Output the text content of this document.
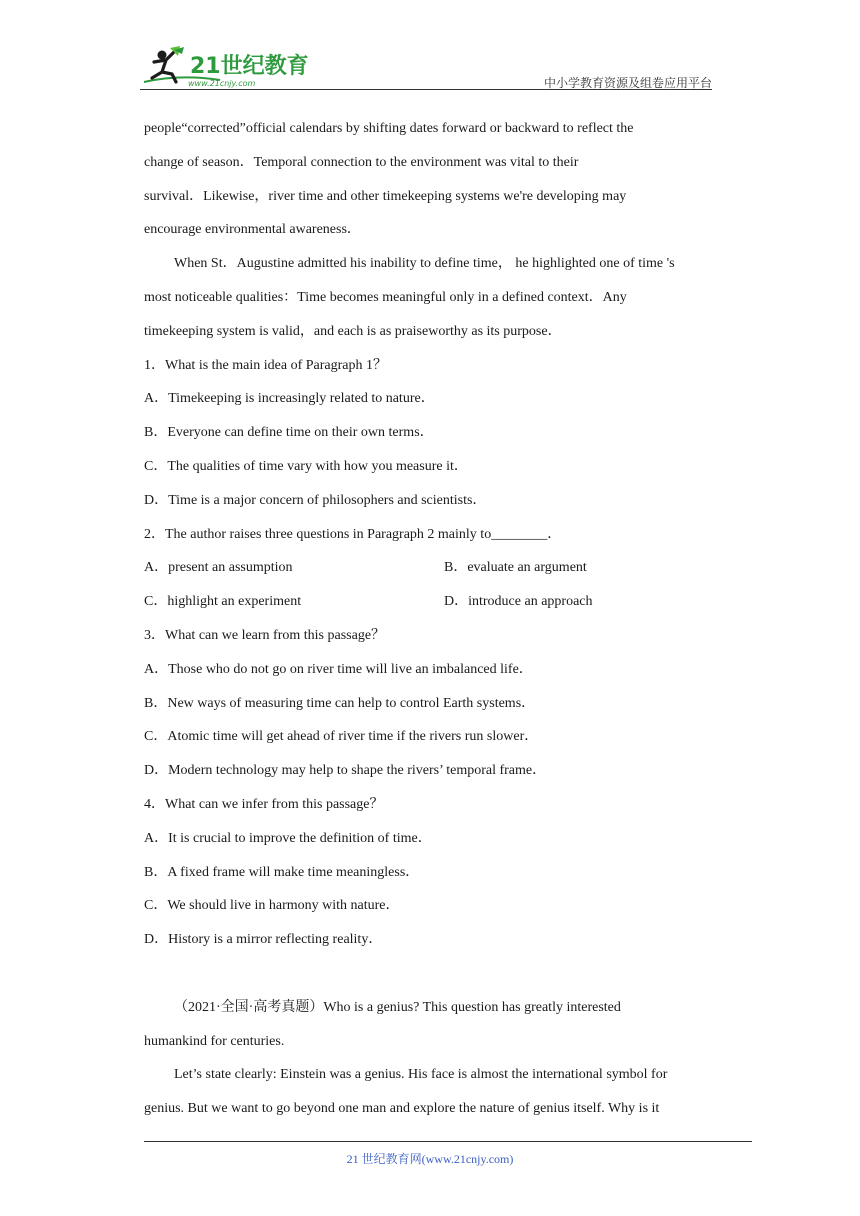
21世纪教育
www.21cnjy.com	中小学教育资源及组卷应用平台
people“corrected”official calendars by shifting dates forward or backward to reflect the
change of season．Temporal connection to the environment was vital to their
survival．Likewise，river time and other timekeeping systems we're developing may
encourage environmental awareness．
When St．Augustine admitted his inability to define time， he highlighted one of time 's
most noticeable qualities：Time becomes meaningful only in a defined context．Any
timekeeping system is valid，and each is as praiseworthy as its purpose．
1．What is the main idea of Paragraph 1？
A．Timekeeping is increasingly related to nature．
B．Everyone can define time on their own terms．
C．The qualities of time vary with how you measure it．
D．Time is a major concern of philosophers and scientists．
2．The author raises three questions in Paragraph 2 mainly to________．
A．present an assumption	B．evaluate an argument
C．highlight an experiment	D．introduce an approach
3．What can we learn from this passage？
A．Those who do not go on river time will live an imbalanced life．
B．New ways of measuring time can help to control Earth systems．
C．Atomic time will get ahead of river time if the rivers run slower．
D．Modern technology may help to shape the rivers’ temporal frame．
4．What can we infer from this passage？
A．It is crucial to improve the definition of time．
B．A fixed frame will make time meaningless．
C．We should live in harmony with nature．
D．History is a mirror reflecting reality．
（2021·全国·高考真题）Who is a genius? This question has greatly interested
humankind for centuries.
Let’s state clearly: Einstein was a genius. His face is almost the international symbol for
genius. But we want to go beyond one man and explore the nature of genius itself. Why is it
21 世纪教育网(www.21cnjy.com)
